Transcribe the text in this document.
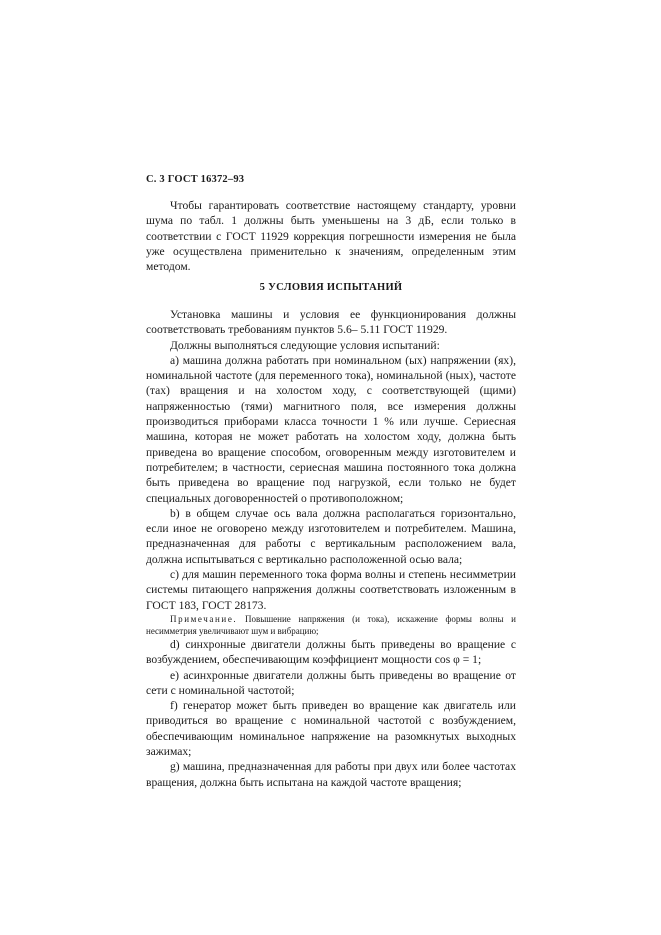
С. 3 ГОСТ 16372–93

Чтобы гарантировать соответствие настоящему стандарту, уровни шума по табл. 1 должны быть уменьшены на 3 дБ, если только в соответствии с ГОСТ 11929 коррекция погрешности измерения не была уже осуществлена применительно к значениям, определенным этим методом.

5 УСЛОВИЯ ИСПЫТАНИЙ

Установка машины и условия ее функционирования должны соответствовать требованиям пунктов 5.6– 5.11 ГОСТ 11929.

Должны выполняться следующие условия испытаний:

а) машина должна работать при номинальном (ых) напряжении (ях), номинальной частоте (для переменного тока), номинальной (ных), частоте (тах) вращения и на холостом ходу, с соответствующей (щими) напряженностью (тями) магнитного поля, все измерения должны производиться приборами класса точности 1 % или лучше. Сериесная машина, которая не может работать на холостом ходу, должна быть приведена во вращение способом, оговоренным между изготовителем и потребителем; в частности, сериесная машина постоянного тока должна быть приведена во вращение под нагрузкой, если только не будет специальных договоренностей о противоположном;

b) в общем случае ось вала должна располагаться горизонтально, если иное не оговорено между изготовителем и потребителем. Машина, предназначенная для работы с вертикальным расположением вала, должна испытываться с вертикально расположенной осью вала;

с) для машин переменного тока форма волны и степень несимметрии системы питающего напряжения должны соответствовать изложенным в ГОСТ 183, ГОСТ 28173.

Примечание. Повышение напряжения (и тока), искажение формы волны и несимметрия увеличивают шум и вибрацию;

d) синхронные двигатели должны быть приведены во вращение с возбуждением, обеспечивающим коэффициент мощности cos φ = 1;

е) асинхронные двигатели должны быть приведены во вращение от сети с номинальной частотой;

f) генератор может быть приведен во вращение как двигатель или приводиться во вращение с номинальной частотой с возбуждением, обеспечивающим номинальное напряжение на разомкнутых выходных зажимах;

g) машина, предназначенная для работы при двух или более частотах вращения, должна быть испытана на каждой частоте вращения;
